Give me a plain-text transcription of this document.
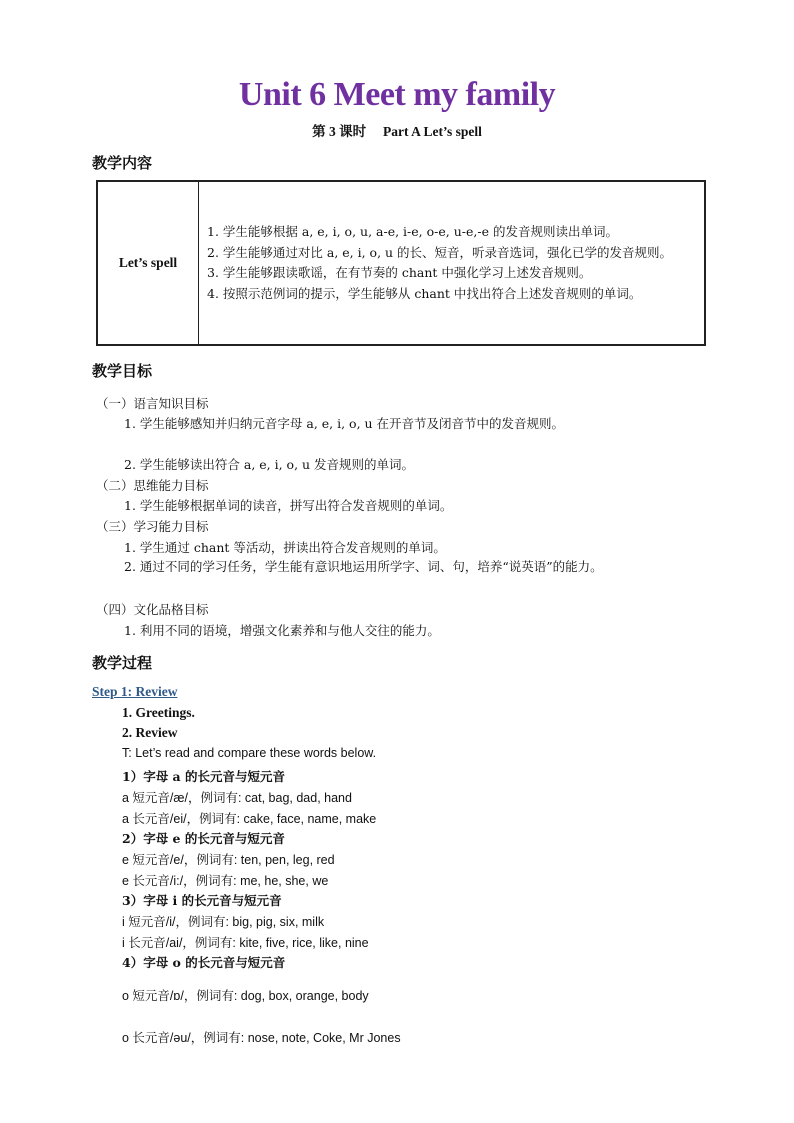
Unit 6 Meet my family
第 3 课时　 Part A Let’s spell
教学内容
Let’s spell	
1. 学生能够根据 a, e, i, o, u, a-e, i-e, o-e, u-e,-e 的发音规则读出单词。
2. 学生能够通过对比 a, e, i, o, u 的长、短音，听录音选词，强化已学的发音规则。
3. 学生能够跟读歌谣，在有节奏的 chant 中强化学习上述发音规则。
4. 按照示范例词的提示，学生能够从 chant 中找出符合上述发音规则的单词。
教学目标
（一）语言知识目标
1. 学生能够感知并归纳元音字母 a, e, i, o, u 在开音节及闭音节中的发音规则。
2. 学生能够读出符合 a, e, i, o, u 发音规则的单词。
（二）思维能力目标
1. 学生能够根据单词的读音，拼写出符合发音规则的单词。
（三）学习能力目标
1. 学生通过 chant 等活动，拼读出符合发音规则的单词。
2. 通过不同的学习任务，学生能有意识地运用所学字、词、句，培养“说英语”的能力。
（四）文化品格目标
1. 利用不同的语境，增强文化素养和与他人交往的能力。
教学过程
Step 1: Review
1. Greetings.
2. Review
T: Let’s read and compare these words below.
1）字母 a 的长元音与短元音
a 短元音/æ/，例词有: cat, bag, dad, hand
a 长元音/ei/，例词有: cake, face, name, make
2）字母 e 的长元音与短元音
e 短元音/e/，例词有: ten, pen, leg, red
e 长元音/i:/，例词有: me, he, she, we
3）字母 i 的长元音与短元音
i 短元音/i/，例词有: big, pig, six, milk
i 长元音/ai/，例词有: kite, five, rice, like, nine
4）字母 o 的长元音与短元音
o 短元音/ɒ/，例词有: dog, box, orange, body
o 长元音/əu/，例词有: nose, note, Coke, Mr Jones
